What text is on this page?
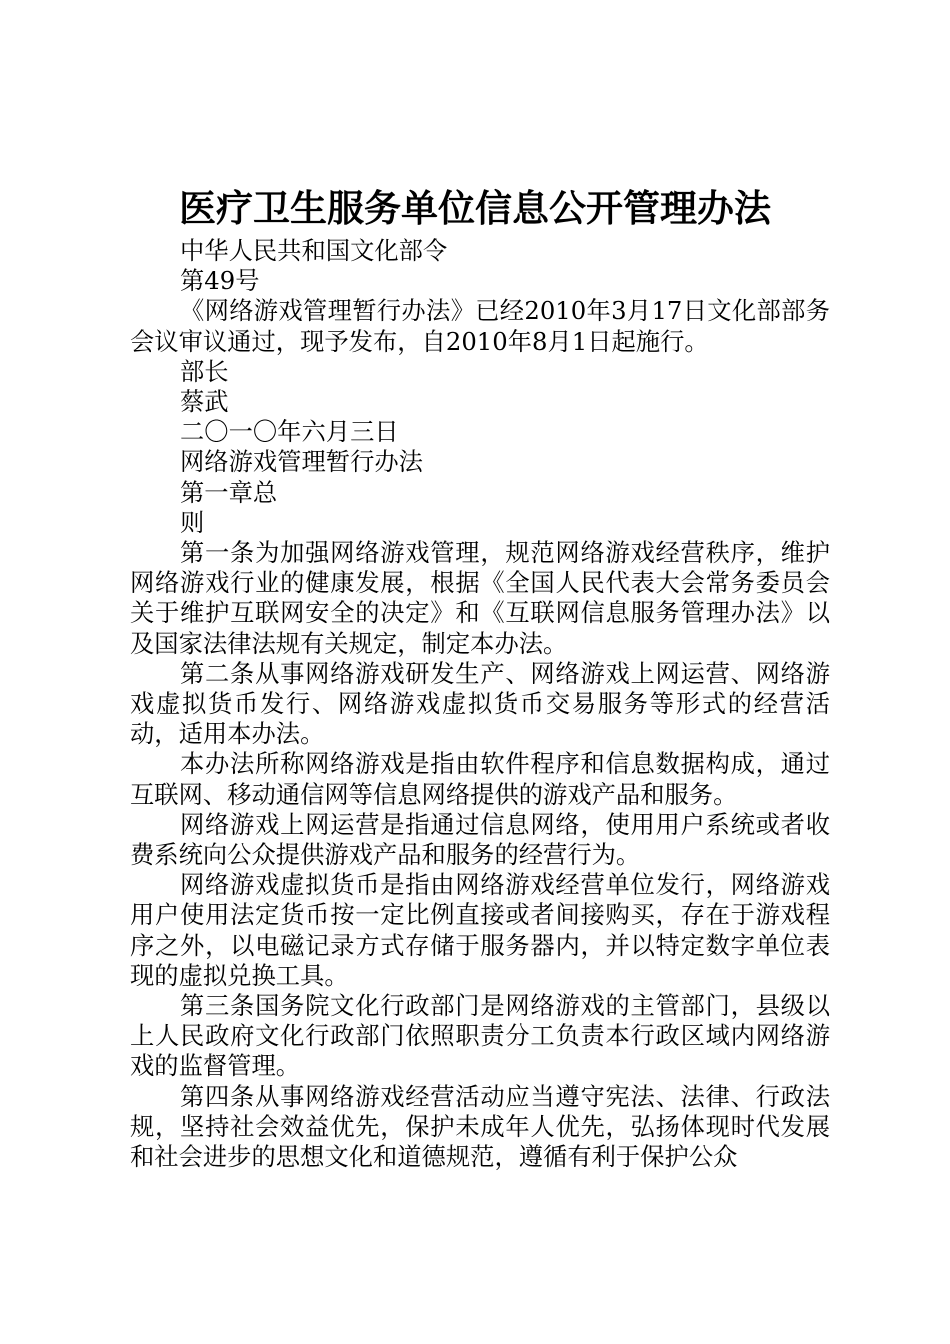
医疗卫生服务单位信息公开管理办法

中华人民共和国文化部令

第49号

《网络游戏管理暂行办法》已经2010年3月17日文化部部务会议审议通过，现予发布，自2010年8月1日起施行。

部长

蔡武

二〇一〇年六月三日

网络游戏管理暂行办法

第一章总

则

第一条为加强网络游戏管理，规范网络游戏经营秩序，维护网络游戏行业的健康发展，根据《全国人民代表大会常务委员会关于维护互联网安全的决定》和《互联网信息服务管理办法》以及国家法律法规有关规定，制定本办法。

第二条从事网络游戏研发生产、网络游戏上网运营、网络游戏虚拟货币发行、网络游戏虚拟货币交易服务等形式的经营活动，适用本办法。

本办法所称网络游戏是指由软件程序和信息数据构成，通过互联网、移动通信网等信息网络提供的游戏产品和服务。

网络游戏上网运营是指通过信息网络，使用用户系统或者收费系统向公众提供游戏产品和服务的经营行为。

网络游戏虚拟货币是指由网络游戏经营单位发行，网络游戏用户使用法定货币按一定比例直接或者间接购买，存在于游戏程序之外，以电磁记录方式存储于服务器内，并以特定数字单位表现的虚拟兑换工具。

第三条国务院文化行政部门是网络游戏的主管部门，县级以上人民政府文化行政部门依照职责分工负责本行政区域内网络游戏的监督管理。

第四条从事网络游戏经营活动应当遵守宪法、法律、行政法规，坚持社会效益优先，保护未成年人优先，弘扬体现时代发展和社会进步的思想文化和道德规范，遵循有利于保护公众
